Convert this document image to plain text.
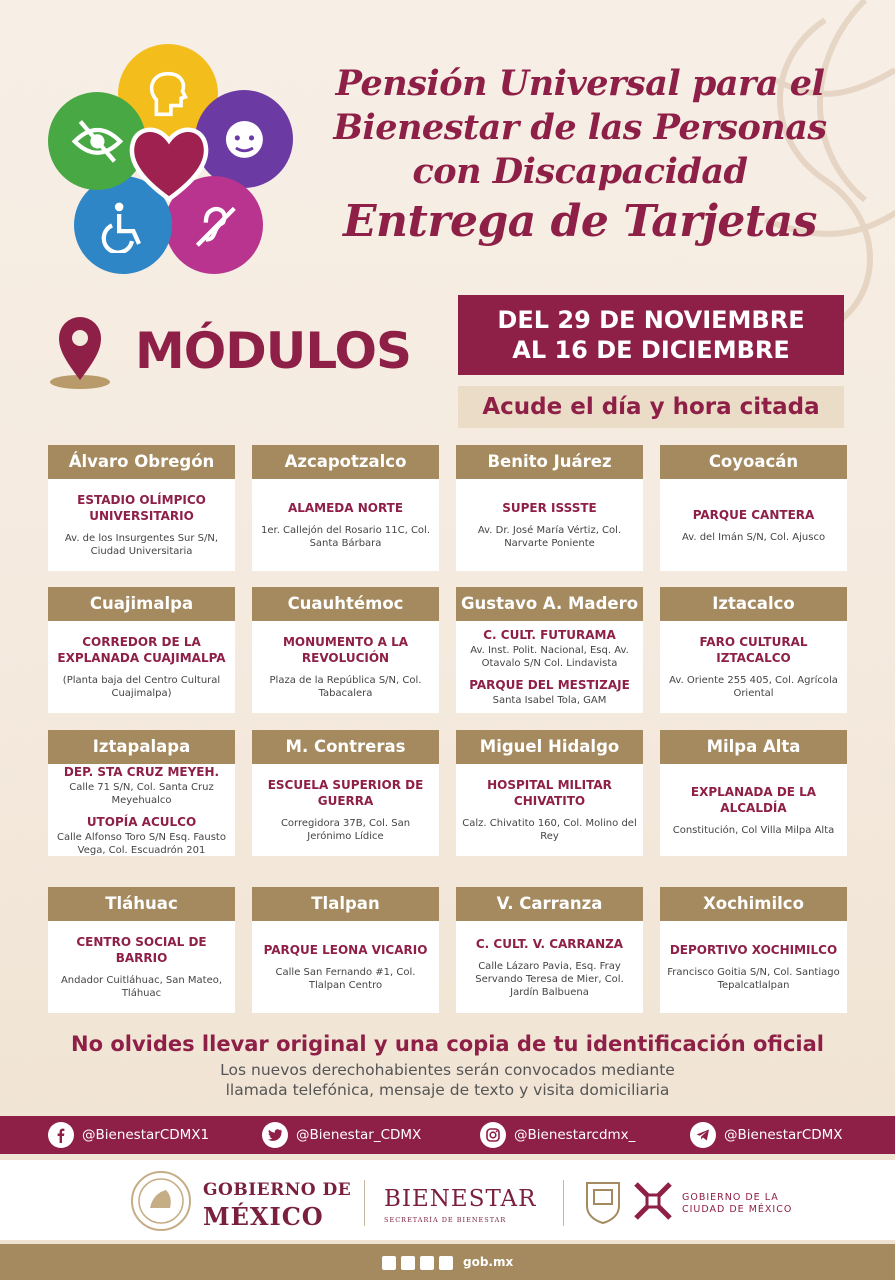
Pensión Universal para el
Bienestar de las Personas
con Discapacidad
Entrega de Tarjetas
MÓDULOS
DEL 29 DE NOVIEMBRE
AL 16 DE DICIEMBRE
Acude el día y hora citada
Álvaro Obregón
ESTADIO OLÍMPICO UNIVERSITARIO
Av. de los Insurgentes Sur S/N, Ciudad Universitaria
Azcapotzalco
ALAMEDA NORTE
1er. Callejón del Rosario 11C, Col. Santa Bárbara
Benito Juárez
SUPER ISSSTE
Av. Dr. José María Vértiz, Col. Narvarte Poniente
Coyoacán
PARQUE CANTERA
Av. del Imán S/N, Col. Ajusco
Cuajimalpa
CORREDOR DE LA EXPLANADA CUAJIMALPA
(Planta baja del Centro Cultural Cuajimalpa)
Cuauhtémoc
MONUMENTO A LA REVOLUCIÓN
Plaza de la República S/N, Col. Tabacalera
Gustavo A. Madero
C. CULT. FUTURAMA
Av. Inst. Polit. Nacional, Esq. Av. Otavalo S/N Col. Lindavista
PARQUE DEL MESTIZAJE
Santa Isabel Tola, GAM
Iztacalco
FARO CULTURAL IZTACALCO
Av. Oriente 255 405, Col. Agrícola Oriental
Iztapalapa
DEP. STA CRUZ MEYEH.
Calle 71 S/N, Col. Santa Cruz Meyehualco
UTOPÍA ACULCO
Calle Alfonso Toro S/N Esq. Fausto Vega, Col. Escuadrón 201
M. Contreras
ESCUELA SUPERIOR DE GUERRA
Corregidora 37B, Col. San Jerónimo Lídice
Miguel Hidalgo
HOSPITAL MILITAR CHIVATITO
Calz. Chivatito 160, Col. Molino del Rey
Milpa Alta
EXPLANADA DE LA ALCALDÍA
Constitución, Col Villa Milpa Alta
Tláhuac
CENTRO SOCIAL DE BARRIO
Andador Cuitláhuac, San Mateo, Tláhuac
Tlalpan
PARQUE LEONA VICARIO
Calle San Fernando #1, Col. Tlalpan Centro
V. Carranza
C. CULT. V. CARRANZA
Calle Lázaro Pavia, Esq. Fray Servando Teresa de Mier, Col. Jardín Balbuena
Xochimilco
DEPORTIVO XOCHIMILCO
Francisco Goitia S/N, Col. Santiago Tepalcatlalpan
No olvides llevar original y una copia de tu identificación oficial
Los nuevos derechohabientes serán convocados mediante
llamada telefónica, mensaje de texto y visita domiciliaria
@BienestarCDMX1	@Bienestar_CDMX	@Bienestarcdmx_	@BienestarCDMX
GOBIERNO DE
MÉXICO
BIENESTAR
SECRETARÍA DE BIENESTAR
GOBIERNO DE LA
CIUDAD DE MÉXICO
gob.mx
